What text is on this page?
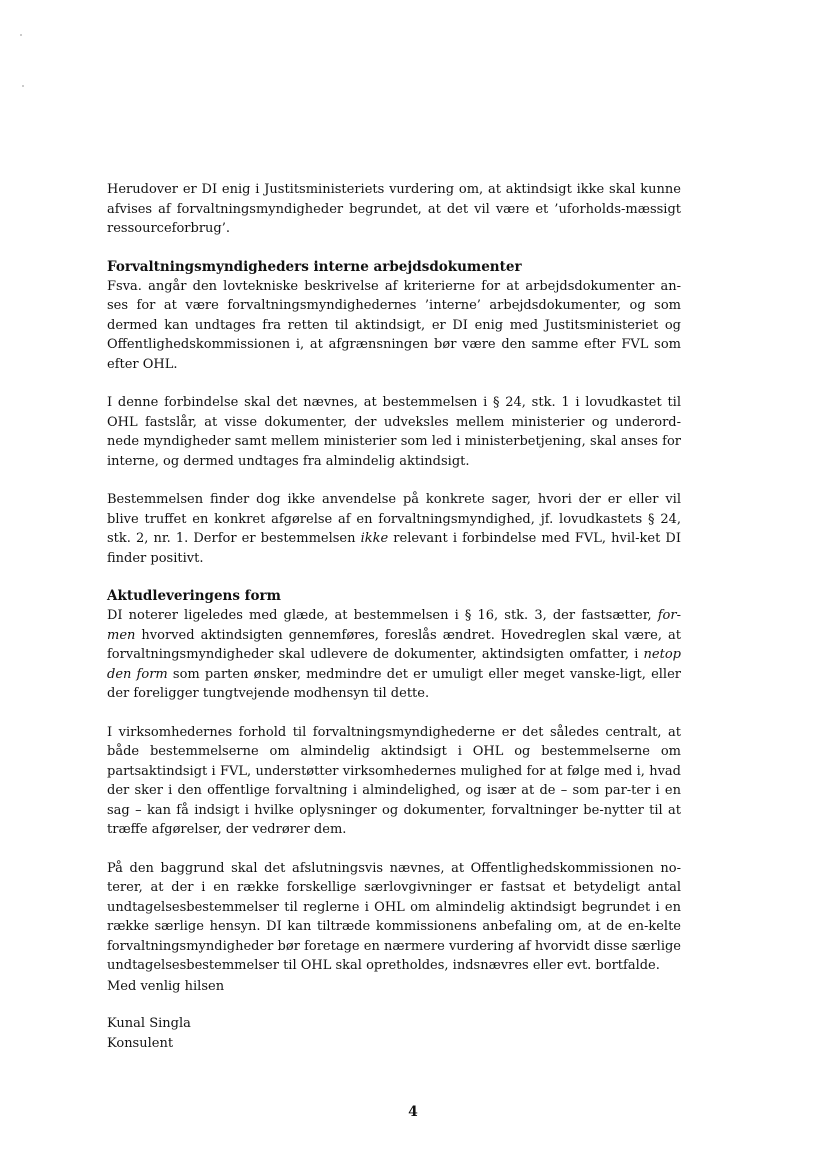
Herudover er DI enig i Justitsministeriets vurdering om, at aktindsigt ikke skal kunne afvises af forvaltningsmyndigheder begrundet, at det vil være et ’uforholds-mæssigt ressourceforbrug’.

Forvaltningsmyndigheders interne arbejdsdokumenter

Fsva. angår den lovtekniske beskrivelse af kriterierne for at arbejdsdokumenter an-ses for at være forvaltningsmyndighedernes ’interne’ arbejdsdokumenter, og som dermed kan undtages fra retten til aktindsigt, er DI enig med Justitsministeriet og Offentlighedskommissionen i, at afgrænsningen bør være den samme efter FVL som efter OHL.

I denne forbindelse skal det nævnes, at bestemmelsen i § 24, stk. 1 i lovudkastet til OHL fastslår, at visse dokumenter, der udveksles mellem ministerier og underord-nede myndigheder samt mellem ministerier som led i ministerbetjening, skal anses for interne, og dermed undtages fra almindelig aktindsigt.

Bestemmelsen finder dog ikke anvendelse på konkrete sager, hvori der er eller vil blive truffet en konkret afgørelse af en forvaltningsmyndighed, jf. lovudkastets § 24, stk. 2, nr. 1. Derfor er bestemmelsen ikke relevant i forbindelse med FVL, hvil-ket DI finder positivt.

Aktudleveringens form

DI noterer ligeledes med glæde, at bestemmelsen i § 16, stk. 3, der fastsætter, for-men hvorved aktindsigten gennemføres, foreslås ændret. Hovedreglen skal være, at forvaltningsmyndigheder skal udlevere de dokumenter, aktindsigten omfatter, i netop den form som parten ønsker, medmindre det er umuligt eller meget vanske-ligt, eller der foreligger tungtvejende modhensyn til dette.

I virksomhedernes forhold til forvaltningsmyndighederne er det således centralt, at både bestemmelserne om almindelig aktindsigt i OHL og bestemmelserne om partsaktindsigt i FVL, understøtter virksomhedernes mulighed for at følge med i, hvad der sker i den offentlige forvaltning i almindelighed, og især at de – som par-ter i en sag – kan få indsigt i hvilke oplysninger og dokumenter, forvaltninger be-nytter til at træffe afgørelser, der vedrører dem.

På den baggrund skal det afslutningsvis nævnes, at Offentlighedskommissionen no-terer, at der i en række forskellige særlovgivninger er fastsat et betydeligt antal undtagelsesbestemmelser til reglerne i OHL om almindelig aktindsigt begrundet i en række særlige hensyn. DI kan tiltræde kommissionens anbefaling om, at de en-kelte forvaltningsmyndigheder bør foretage en nærmere vurdering af hvorvidt disse særlige undtagelsesbestemmelser til OHL skal opretholdes, indsnævres eller evt. bortfalde.

Med venlig hilsen
Kunal Singla
Konsulent
4
